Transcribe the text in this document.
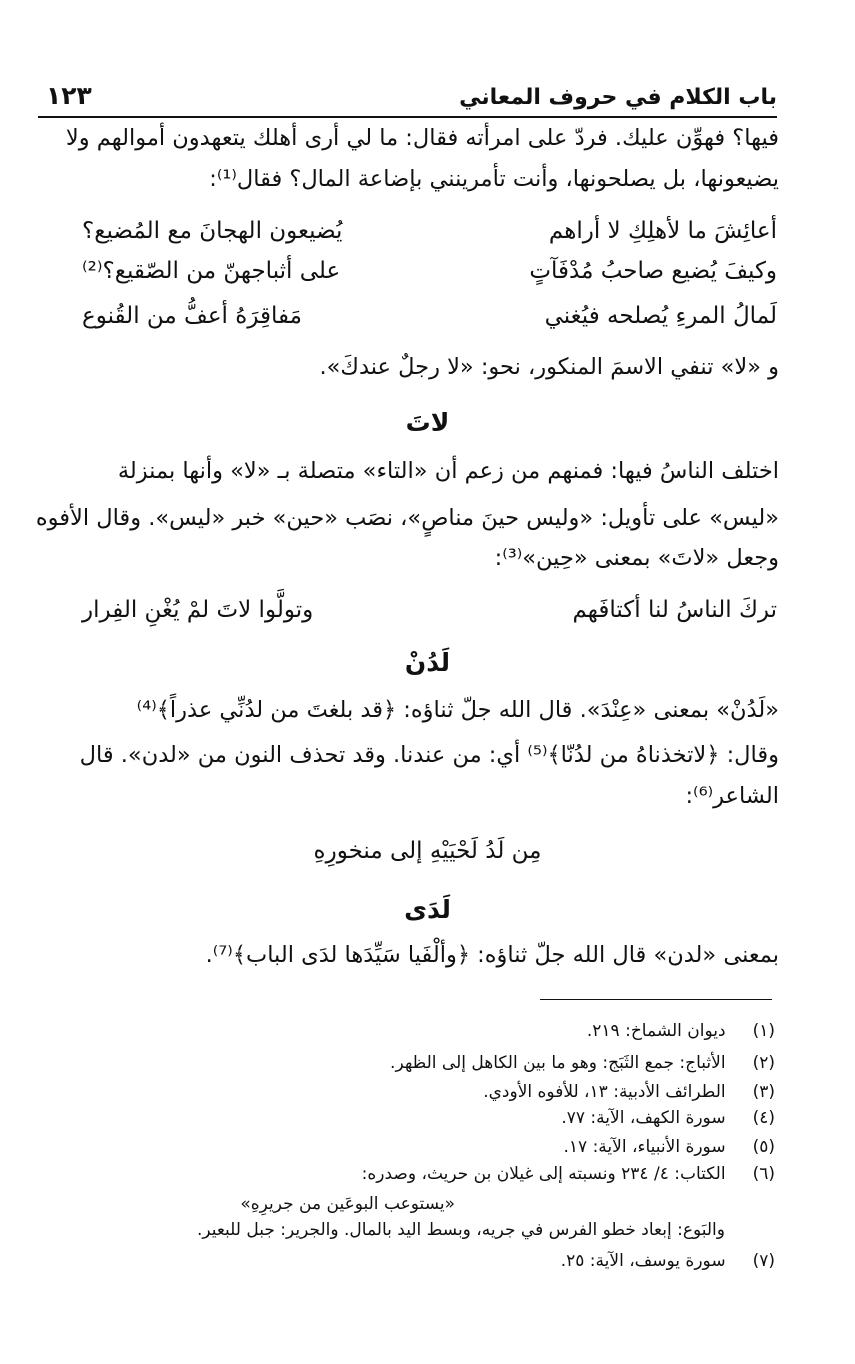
باب الكلام في حروف المعاني
١٢٣
فيها؟ فهوِّن عليك. فردّ على امرأته فقال: ما لي أرى أهلك يتعهدون أموالهم ولا
يضيعونها، بل يصلحونها، وأنت تأمرينني بإضاعة المال؟ فقال⁽¹⁾:
أعائِشَ ما لأهلِكِ لا أراهم
يُضيعون الهجانَ مع المُضيع؟
وكيفَ يُضيع صاحبُ مُدْفَآتٍ
على أثباجهنّ من الصّقيع؟⁽²⁾
لَمالُ المرءِ يُصلحه فيُغني
مَفاقِرَهُ أعفُّ من القُنوع
و «لا» تنفي الاسمَ المنكور، نحو: «لا رجلٌ عندكَ».
لاتَ
اختلف الناسُ فيها: فمنهم من زعم أن «التاء» متصلة بـ «لا» وأنها بمنزلة
«ليس» على تأويل: «وليس حينَ مناصٍ»، نصَب «حين» خبر «ليس». وقال الأفوه
وجعل «لاتَ» بمعنى «حِين»⁽³⁾:
تركَ الناسُ لنا أكتافَهم
وتولَّوا لاتَ لمْ يُغْنِ الفِرار
لَدُنْ
«لَدُنْ» بمعنى «عِنْدَ». قال الله جلّ ثناؤه: ﴿قد بلغتَ من لدُنِّي عذراً﴾⁽⁴⁾
وقال: ﴿لاتخذناهُ من لدُنّا﴾⁽⁵⁾ أي: من عندنا. وقد تحذف النون من «لدن». قال
الشاعر⁽⁶⁾:
مِن لَدُ لَحْيَيْهِ إلى منخورِهِ
لَدَى
بمعنى «لدن» قال الله جلّ ثناؤه: ﴿وألْفَيا سَيِّدَها لدَى الباب﴾⁽⁷⁾.
(١) ديوان الشماخ: ٢١٩.
(٢) الأثباج: جمع الثَبَج: وهو ما بين الكاهل إلى الظهر.
(٣) الطرائف الأدبية: ١٣، للأفوه الأودي.
(٤) سورة الكهف، الآية: ٧٧.
(٥) سورة الأنبياء، الآية: ١٧.
(٦) الكتاب: ٤/ ٢٣٤ ونسبته إلى غيلان بن حريث، وصدره:
«يستوعب البوعَين من جريرِهِ»
والبَوع: إبعاد خطو الفرس في جريه، وبسط اليد بالمال. والجرير: جبل للبعير.
(٧) سورة يوسف، الآية: ٢٥.
